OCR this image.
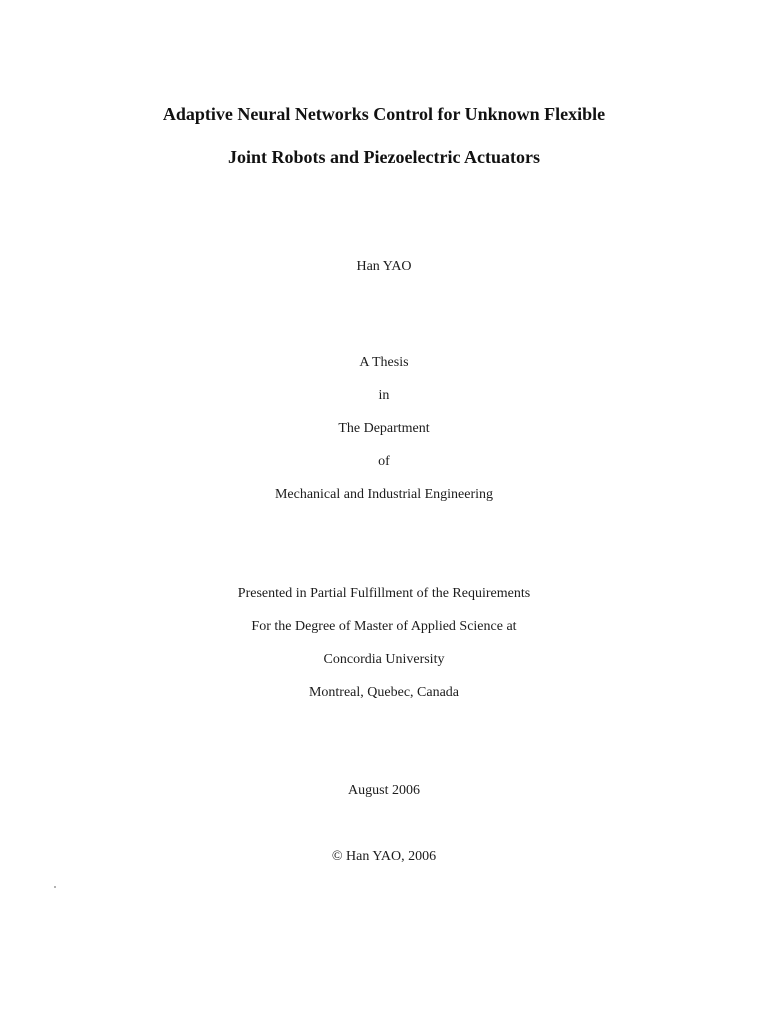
Adaptive Neural Networks Control for Unknown Flexible
Joint Robots and Piezoelectric Actuators
Han YAO
A Thesis
in
The Department
of
Mechanical and Industrial Engineering
Presented in Partial Fulfillment of the Requirements
For the Degree of Master of Applied Science at
Concordia University
Montreal, Quebec, Canada
August 2006
© Han YAO, 2006
